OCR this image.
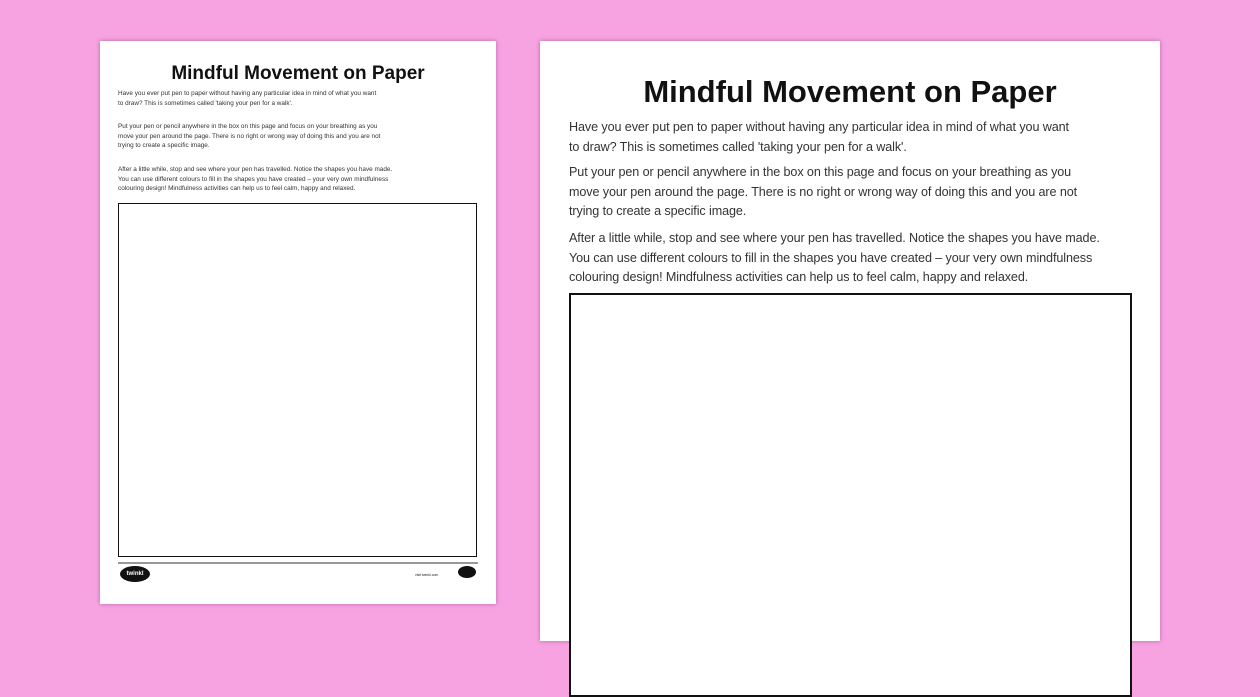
Mindful Movement on Paper
Have you ever put pen to paper without having any particular idea in mind of what you want
to draw? This is sometimes called 'taking your pen for a walk'.
Put your pen or pencil anywhere in the box on this page and focus on your breathing as you
move your pen around the page. There is no right or wrong way of doing this and you are not
trying to create a specific image.
After a little while, stop and see where your pen has travelled. Notice the shapes you have made.
You can use different colours to fill in the shapes you have created – your very own mindfulness
colouring design! Mindfulness activities can help us to feel calm, happy and relaxed.
twinkl	visit twinkl.com
Mindful Movement on Paper
Have you ever put pen to paper without having any particular idea in mind of what you want
to draw? This is sometimes called 'taking your pen for a walk'.
Put your pen or pencil anywhere in the box on this page and focus on your breathing as you
move your pen around the page. There is no right or wrong way of doing this and you are not
trying to create a specific image.
After a little while, stop and see where your pen has travelled. Notice the shapes you have made.
You can use different colours to fill in the shapes you have created – your very own mindfulness
colouring design! Mindfulness activities can help us to feel calm, happy and relaxed.
